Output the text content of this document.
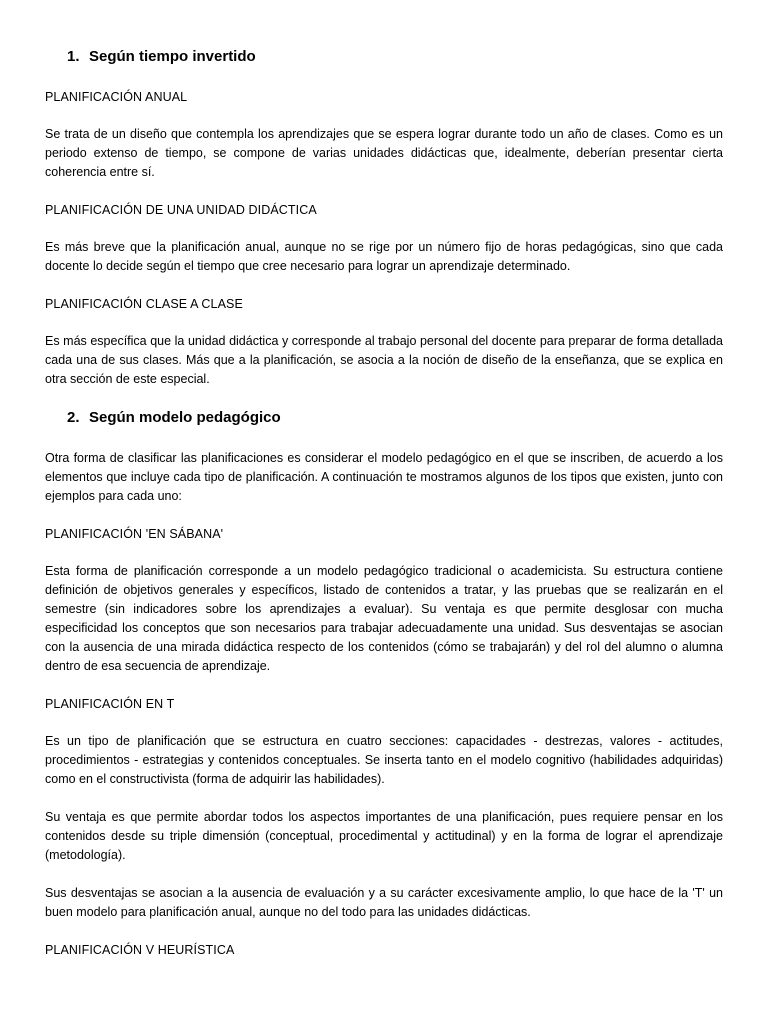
1. Según tiempo invertido
PLANIFICACIÓN ANUAL

Se trata de un diseño que contempla los aprendizajes que se espera lograr durante todo un año de clases. Como es un periodo extenso de tiempo, se compone de varias unidades didácticas que, idealmente, deberían presentar cierta coherencia entre sí.

PLANIFICACIÓN DE UNA UNIDAD DIDÁCTICA

Es más breve que la planificación anual, aunque no se rige por un número fijo de horas pedagógicas, sino que cada docente lo decide según el tiempo que cree necesario para lograr un aprendizaje determinado.

PLANIFICACIÓN CLASE A CLASE

Es más específica que la unidad didáctica y corresponde al trabajo personal del docente para preparar de forma detallada cada una de sus clases. Más que a la planificación, se asocia a la noción de diseño de la enseñanza, que se explica en otra sección de este especial.

2. Según modelo pedagógico

Otra forma de clasificar las planificaciones es considerar el modelo pedagógico en el que se inscriben, de acuerdo a los elementos que incluye cada tipo de planificación. A continuación te mostramos algunos de los tipos que existen, junto con ejemplos para cada uno:

PLANIFICACIÓN 'EN SÁBANA'

Esta forma de planificación corresponde a un modelo pedagógico tradicional o academicista. Su estructura contiene definición de objetivos generales y específicos, listado de contenidos a tratar, y las pruebas que se realizarán en el semestre (sin indicadores sobre los aprendizajes a evaluar). Su ventaja es que permite desglosar con mucha especificidad los conceptos que son necesarios para trabajar adecuadamente una unidad. Sus desventajas se asocian con la ausencia de una mirada didáctica respecto de los contenidos (cómo se trabajarán) y del rol del alumno o alumna dentro de esa secuencia de aprendizaje.

PLANIFICACIÓN EN T

Es un tipo de planificación que se estructura en cuatro secciones: capacidades - destrezas, valores - actitudes, procedimientos - estrategias y contenidos conceptuales. Se inserta tanto en el modelo cognitivo (habilidades adquiridas) como en el constructivista (forma de adquirir las habilidades).

Su ventaja es que permite abordar todos los aspectos importantes de una planificación, pues requiere pensar en los contenidos desde su triple dimensión (conceptual, procedimental y actitudinal) y en la forma de lograr el aprendizaje (metodología).

Sus desventajas se asocian a la ausencia de evaluación y a su carácter excesivamente amplio, lo que hace de la 'T' un buen modelo para planificación anual, aunque no del todo para las unidades didácticas.

PLANIFICACIÓN V HEURÍSTICA
